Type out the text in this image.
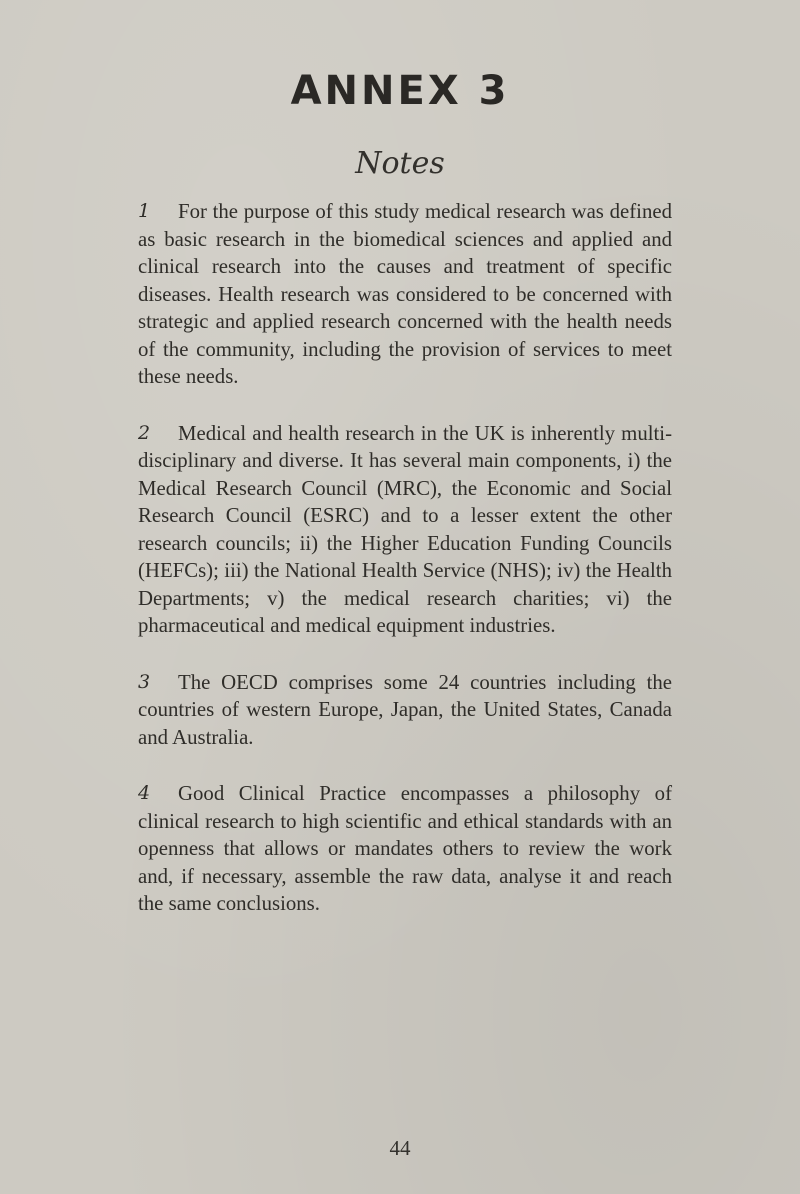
ANNEX 3
Notes
1	For the purpose of this study medical research was defined as basic research in the biomedical sciences and applied and clinical research into the causes and treatment of specific diseases. Health research was considered to be concerned with strategic and applied research concerned with the health needs of the community, including the provision of services to meet these needs.
2	Medical and health research in the UK is inherently multi-disciplinary and diverse. It has several main components, i) the Medical Research Council (MRC), the Economic and Social Research Council (ESRC) and to a lesser extent the other research councils; ii) the Higher Education Funding Councils (HEFCs); iii) the National Health Service (NHS); iv) the Health Departments; v) the medical research charities; vi) the pharmaceutical and medical equipment industries.
3	The OECD comprises some 24 countries including the countries of western Europe, Japan, the United States, Canada and Australia.
4	Good Clinical Practice encompasses a philosophy of clinical research to high scientific and ethical standards with an openness that allows or mandates others to review the work and, if necessary, assemble the raw data, analyse it and reach the same conclusions.
44
